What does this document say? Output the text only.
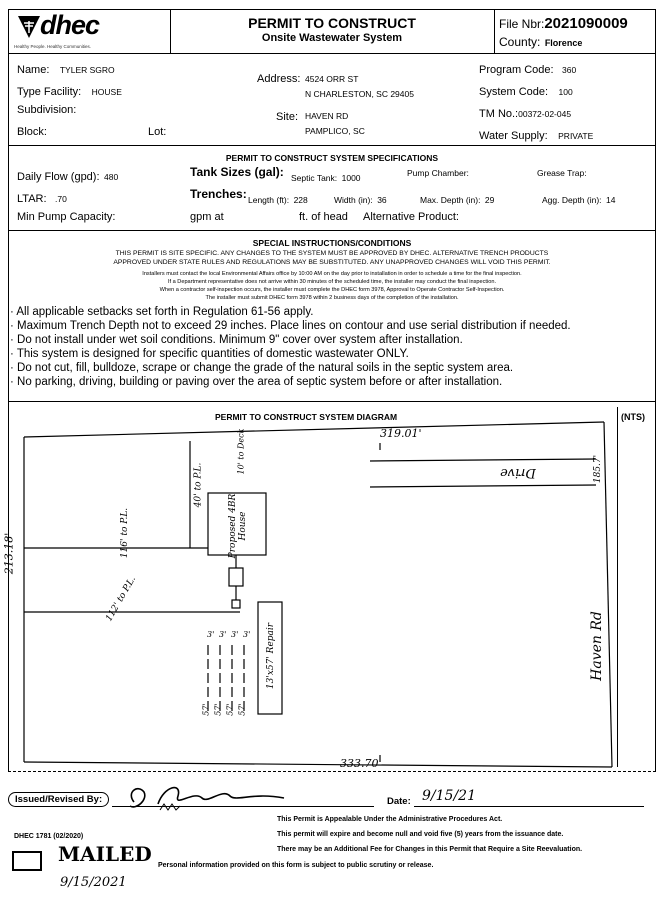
dhec
Healthy People. Healthy Communities.
PERMIT TO CONSTRUCT
Onsite Wastewater System
File Nbr:2021090009
County: Florence
Name: TYLER SGRO
Type Facility: HOUSE
Subdivision:
Block:	Lot:
Address: 4524 ORR ST
N CHARLESTON, SC 29405
Site: HAVEN RD
PAMPLICO, SC
Program Code: 360
System Code: 100
TM No.:00372-02-045
Water Supply: PRIVATE
PERMIT TO CONSTRUCT SYSTEM SPECIFICATIONS
Daily Flow (gpd): 480	Tank Sizes (gal): Septic Tank: 1000	Pump Chamber:	Grease Trap:
LTAR: .70	Trenches: Length (ft): 228	Width (in): 36	Max. Depth (in): 29	Agg. Depth (in): 14
Min Pump Capacity:	gpm at	ft. of head Alternative Product:
SPECIAL INSTRUCTIONS/CONDITIONS
THIS PERMIT IS SITE SPECIFIC. ANY CHANGES TO THE SYSTEM MUST BE APPROVED BY DHEC. ALTERNATIVE TRENCH PRODUCTS
APPROVED UNDER STATE RULES AND REGULATIONS MAY BE SUBSTITUTED. ANY UNAPPROVED CHANGES WILL VOID THIS PERMIT.
Installers must contact the local Environmental Affairs office by 10:00 AM on the day prior to installation in order to schedule a time for the final inspection.
If a Department representative does not arrive within 30 minutes of the scheduled time, the installer may conduct the final inspection.
When a contractor self-inspection occurs, the installer must complete the DHEC form 3978, Approval to Operate Contractor Self-Inspection.
The installer must submit DHEC form 3978 within 2 business days of the completion of the installation.
· All applicable setbacks set forth in Regulation 61-56 apply.
· Maximum Trench Depth not to exceed 29 inches. Place lines on contour and use serial distribution if needed.
· Do not install under wet soil conditions. Minimum 9" cover over system after installation.
· This system is designed for specific quantities of domestic wastewater ONLY.
· Do not cut, fill, bulldoze, scrape or change the grade of the natural soils in the septic system area.
· No parking, driving, building or paving over the area of septic system before or after installation.
PERMIT TO CONSTRUCT SYSTEM DIAGRAM	(NTS)
319.01'
333.70'
213.18'
185.7'
Drive
Haven Rd
Proposed 4BR House
10' to Deck
40' to P.L.
116' to P.L.
112' to P.L.
13'x57' Repair
3' 3' 3' 3'
57' 57' 57' 57'
Issued/Revised By:	Date: 9/15/21
DHEC 1781 (02/2020)
MAILED
9/15/2021
This Permit is Appealable Under the Administrative Procedures Act.
This permit will expire and become null and void five (5) years from the issuance date.
There may be an Additional Fee for Changes in this Permit that Require a Site Reevaluation.
Personal information provided on this form is subject to public scrutiny or release.
